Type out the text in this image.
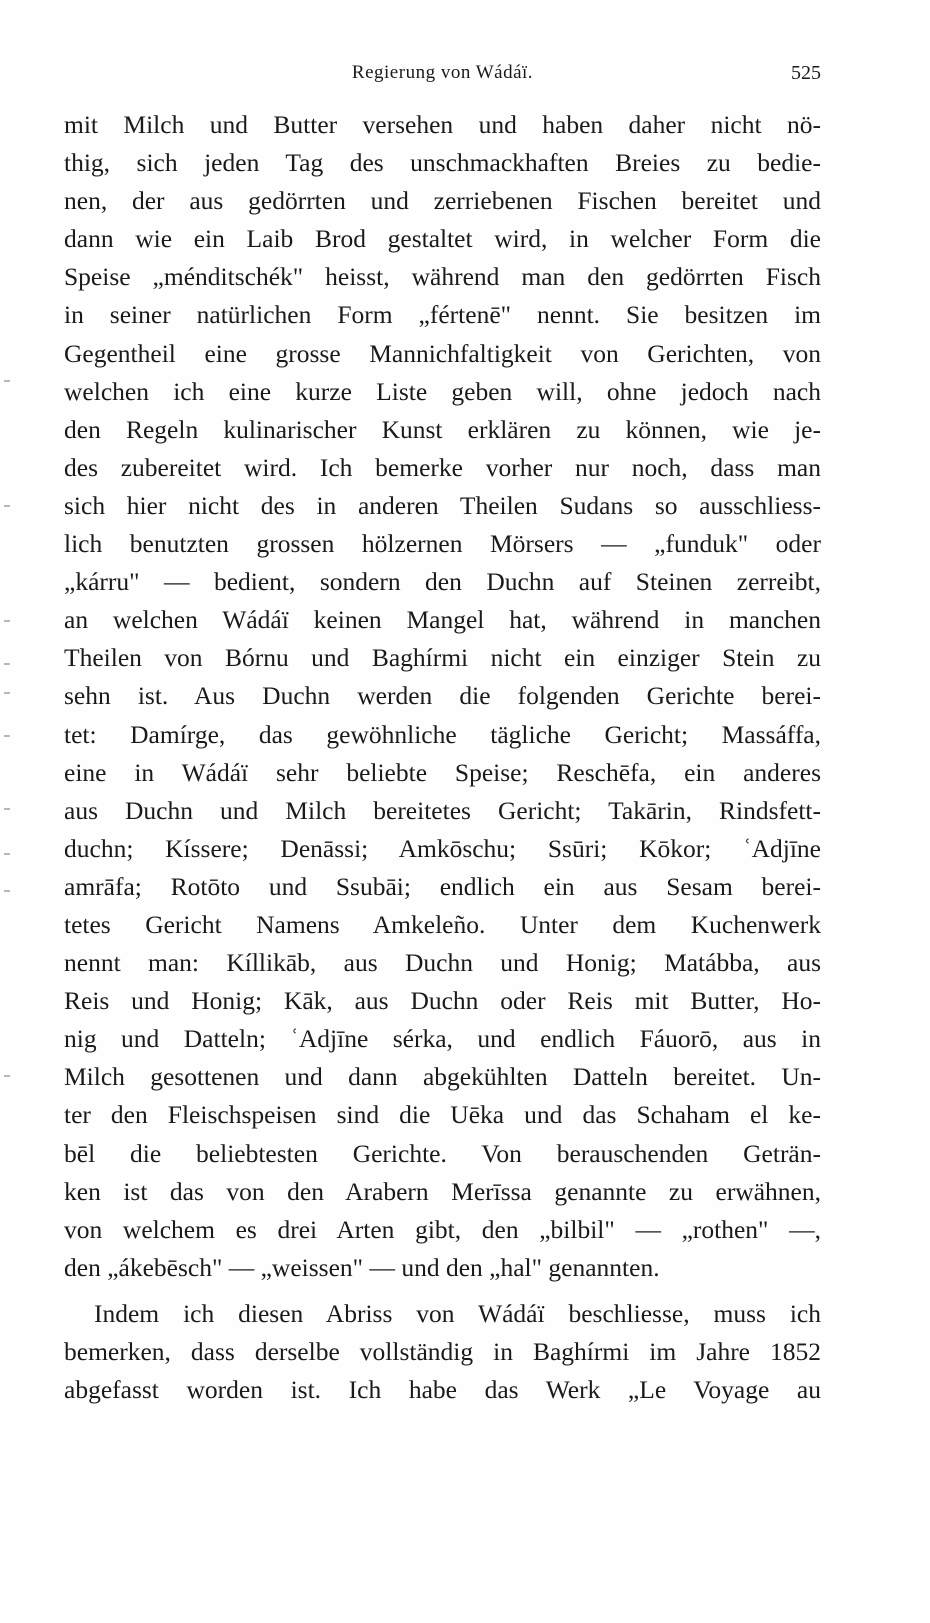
Regierung von Wádáï.	525
mit Milch und Butter versehen und haben daher nicht nö-
thig, sich jeden Tag des unschmackhaften Breies zu bedie-
nen, der aus gedörrten und zerriebenen Fischen bereitet und
dann wie ein Laib Brod gestaltet wird, in welcher Form die
Speise „ménditschék" heisst, während man den gedörrten Fisch
in seiner natürlichen Form „fértenē" nennt. Sie besitzen im
Gegentheil eine grosse Mannichfaltigkeit von Gerichten, von
welchen ich eine kurze Liste geben will, ohne jedoch nach
den Regeln kulinarischer Kunst erklären zu können, wie je-
des zubereitet wird. Ich bemerke vorher nur noch, dass man
sich hier nicht des in anderen Theilen Sudans so ausschliess-
lich benutzten grossen hölzernen Mörsers — „funduk" oder
„kárru" — bedient, sondern den Duchn auf Steinen zerreibt,
an welchen Wádáï keinen Mangel hat, während in manchen
Theilen von Bórnu und Baghírmi nicht ein einziger Stein zu
sehn ist. Aus Duchn werden die folgenden Gerichte berei-
tet: Damírge, das gewöhnliche tägliche Gericht; Massáffa,
eine in Wádáï sehr beliebte Speise; Reschēfa, ein anderes
aus Duchn und Milch bereitetes Gericht; Takārin, Rindsfett-
duchn; Kíssere; Denāssi; Amkōschu; Ssūri; Kōkor; ʿAdjīne
amrāfa; Rotōto und Ssubāi; endlich ein aus Sesam berei-
tetes Gericht Namens Amkeleño. Unter dem Kuchenwerk
nennt man: Kíllikāb, aus Duchn und Honig; Matábba, aus
Reis und Honig; Kāk, aus Duchn oder Reis mit Butter, Ho-
nig und Datteln; ʿAdjīne sérka, und endlich Fáuorō, aus in
Milch gesottenen und dann abgekühlten Datteln bereitet. Un-
ter den Fleischspeisen sind die Uēka und das Schaham el ke-
bēl die beliebtesten Gerichte. Von berauschenden Geträn-
ken ist das von den Arabern Merīssa genannte zu erwähnen,
von welchem es drei Arten gibt, den „bilbil" — „rothen" —,
den „ákebēsch" — „weissen" — und den „hal" genannten.
Indem ich diesen Abriss von Wádáï beschliesse, muss ich
bemerken, dass derselbe vollständig in Baghírmi im Jahre 1852
abgefasst worden ist. Ich habe das Werk „Le Voyage au
